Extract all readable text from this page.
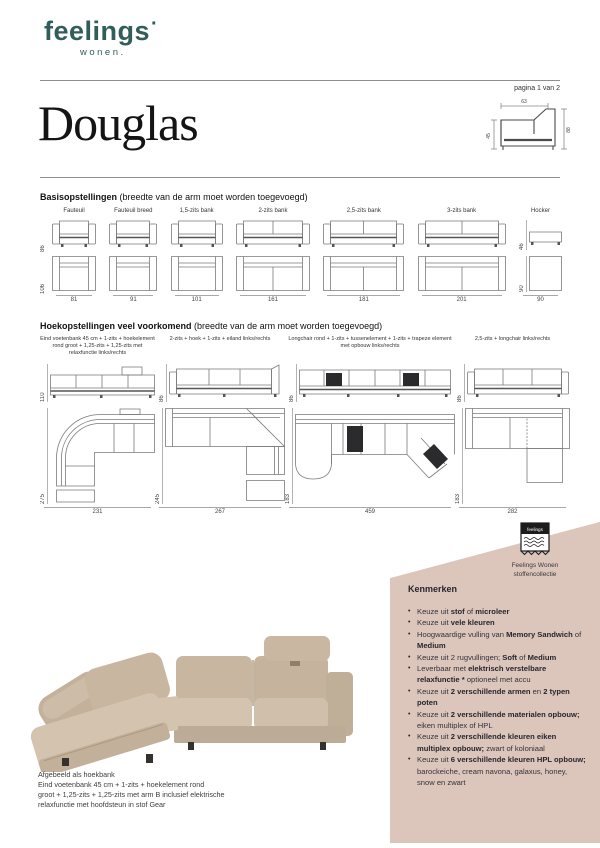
feelings·
wonen.
pagina 1 van 2
Douglas	63
45
88
Basisopstellingen (breedte van de arm moet worden toegevoegd)
86
106
Fauteuil
81
Fauteuil breed
91
1,5-zits bank
101
2-zits bank
161
2,5-zits bank
181
3-zits bank
201
Hocker
46
90
90
Hoekopstellingen veel voorkomend (breedte van de arm moet worden toegevoegd)
Eind voetenbank 45 cm + 1-zits + hoekelement rond groot + 1,25-zits + 1,25-zits met relaxfunctie links/rechts
110
275
231
2-zits + hoek + 1-zits + eiland links/rechts
86
245
267
Longchair rond + 1-zits + tussenelement + 1-zits + trapeze element met opbouw links/rechts
86
183
459
2,5-zits + longchair links/rechts
86
183
282
feelings
Feelings Wonen
stoffencollectie
Kenmerken
• Keuze uit stof of microleer
• Keuze uit vele kleuren
• Hoogwaardige vulling van Memory Sandwich of Medium
• Keuze uit 2 rugvullingen; Soft of Medium
• Leverbaar met elektrisch verstelbare relaxfunctie * optioneel met accu
• Keuze uit 2 verschillende armen en 2 typen poten
• Keuze uit 2 verschillende materialen opbouw; eiken multiplex of HPL
• Keuze uit 2 verschillende kleuren eiken multiplex opbouw; zwart of koloniaal
• Keuze uit 6 verschillende kleuren HPL opbouw; barockeiche, cream navona, galaxus, honey, snow en zwart
Afgebeeld als hoekbank
Eind voetenbank 45 cm + 1-zits + hoekelement rond
groot + 1,25-zits + 1,25-zits met arm B inclusief elektrische
relaxfunctie met hoofdsteun in stof Gear
